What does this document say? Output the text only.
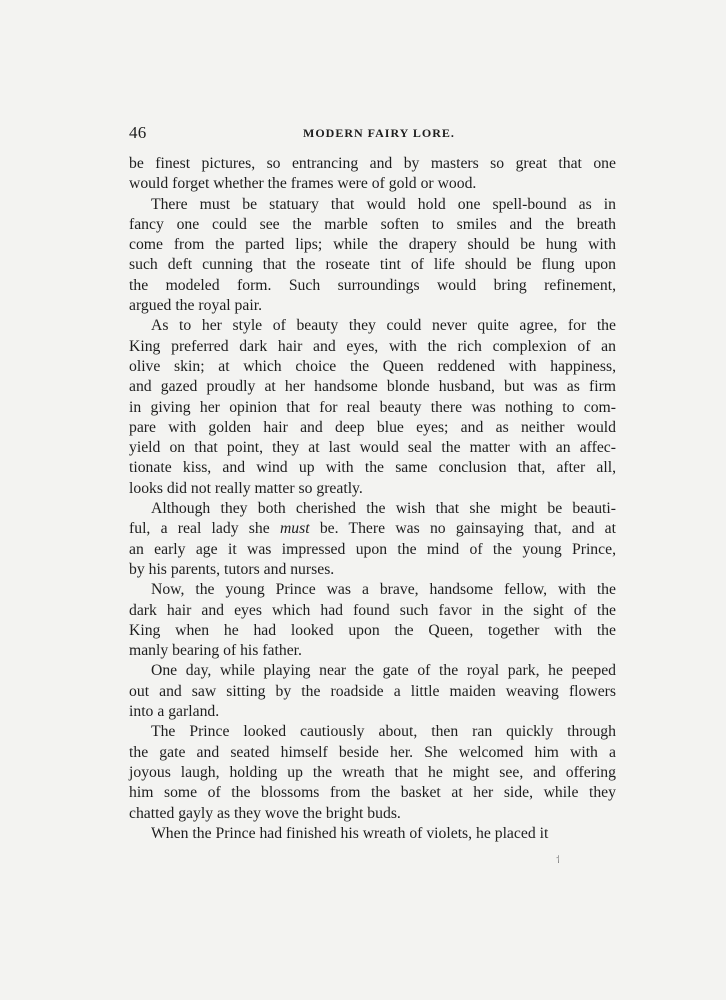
46	MODERN FAIRY LORE.
be finest pictures, so entrancing and by masters so great that one
would forget whether the frames were of gold or wood.
There must be statuary that would hold one spell-bound as in
fancy one could see the marble soften to smiles and the breath
come from the parted lips; while the drapery should be hung with
such deft cunning that the roseate tint of life should be flung upon
the modeled form. Such surroundings would bring refinement,
argued the royal pair.
As to her style of beauty they could never quite agree, for the
King preferred dark hair and eyes, with the rich complexion of an
olive skin; at which choice the Queen reddened with happiness,
and gazed proudly at her handsome blonde husband, but was as firm
in giving her opinion that for real beauty there was nothing to com-
pare with golden hair and deep blue eyes; and as neither would
yield on that point, they at last would seal the matter with an affec-
tionate kiss, and wind up with the same conclusion that, after all,
looks did not really matter so greatly.
Although they both cherished the wish that she might be beauti-
ful, a real lady she must be. There was no gainsaying that, and at
an early age it was impressed upon the mind of the young Prince,
by his parents, tutors and nurses.
Now, the young Prince was a brave, handsome fellow, with the
dark hair and eyes which had found such favor in the sight of the
King when he had looked upon the Queen, together with the
manly bearing of his father.
One day, while playing near the gate of the royal park, he peeped
out and saw sitting by the roadside a little maiden weaving flowers
into a garland.
The Prince looked cautiously about, then ran quickly through
the gate and seated himself beside her. She welcomed him with a
joyous laugh, holding up the wreath that he might see, and offering
him some of the blossoms from the basket at her side, while they
chatted gayly as they wove the bright buds.
When the Prince had finished his wreath of violets, he placed it
⸶
